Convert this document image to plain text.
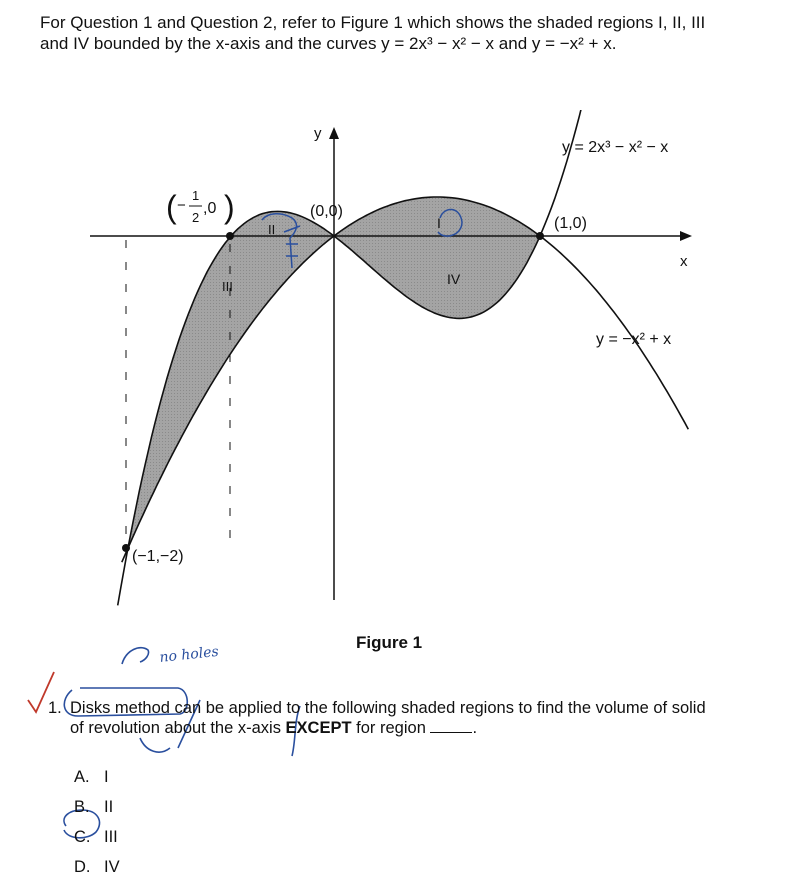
For Question 1 and Question 2, refer to Figure 1 which shows the shaded regions I, II, III
and IV bounded by the x-axis and the curves y = 2x³ − x² − x and y = −x² + x.
y
x
y = 2x³ − x² − x
y = −x² + x
(0,0)
(1,0)
(−1,−2)
( −
1
2
,0 )	I
II
III	IV
Figure 1
no holes
1. Disks method can be applied to the following shaded regions to find the volume of solid
of revolution about the x-axis EXCEPT for region	.
A. I
B. II
C. III
D. IV
